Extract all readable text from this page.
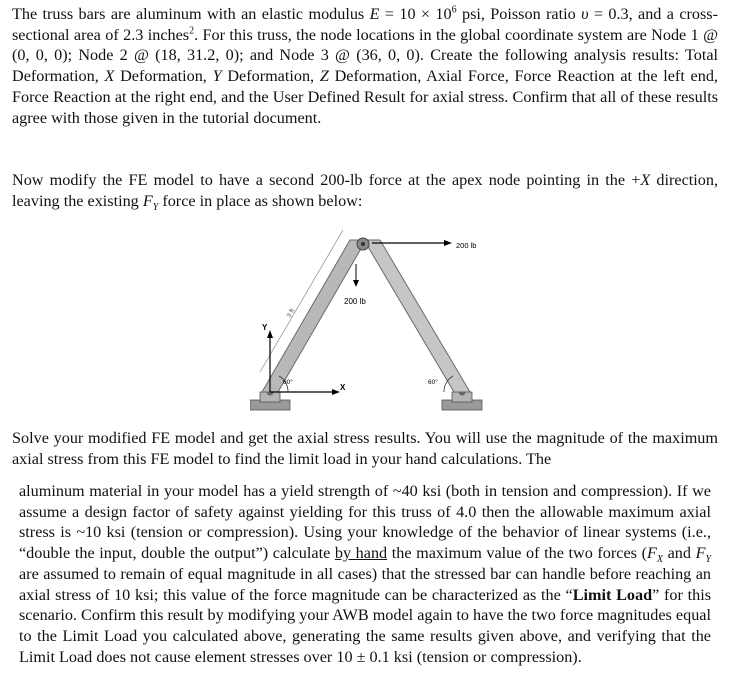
The truss bars are aluminum with an elastic modulus $E = 10 \times 10^6$ psi, Poisson ratio υ = 0.3, and a cross-sectional area of 2.3 inches$^2$. For this truss, the node locations in the global coordinate system are Node 1 @ (0, 0, 0); Node 2 @ (18, 31.2, 0); and Node 3 @ (36, 0, 0). Create the following analysis results: Total Deformation, X Deformation, Y Deformation, Z Deformation, Axial Force, Force Reaction at the left end, Force Reaction at the right end, and the User Defined Result for axial stress. Confirm that all of these results agree with those given in the tutorial document.
Now modify the FE model to have a second 200-lb force at the apex node pointing in the +X direction, leaving the existing $F_Y$ force in place as shown below:
200 lb
200 lb
3 ft
Y
X
60°	60°
Solve your modified FE model and get the axial stress results. You will use the magnitude of the maximum axial stress from this FE model to find the limit load in your hand calculations. The
aluminum material in your model has a yield strength of ~40 ksi (both in tension and compression). If we assume a design factor of safety against yielding for this truss of 4.0 then the allowable maximum axial stress is ~10 ksi (tension or compression). Using your knowledge of the behavior of linear systems (i.e., “double the input, double the output”) calculate by hand the maximum value of the two forces ($F_X$ and $F_Y$ are assumed to remain of equal magnitude in all cases) that the stressed bar can handle before reaching an axial stress of 10 ksi; this value of the force magnitude can be characterized as the “Limit Load” for this scenario. Confirm this result by modifying your AWB model again to have the two force magnitudes equal to the Limit Load you calculated above, generating the same results given above, and verifying that the Limit Load does not cause element stresses over 10 ± 0.1 ksi (tension or compression).
